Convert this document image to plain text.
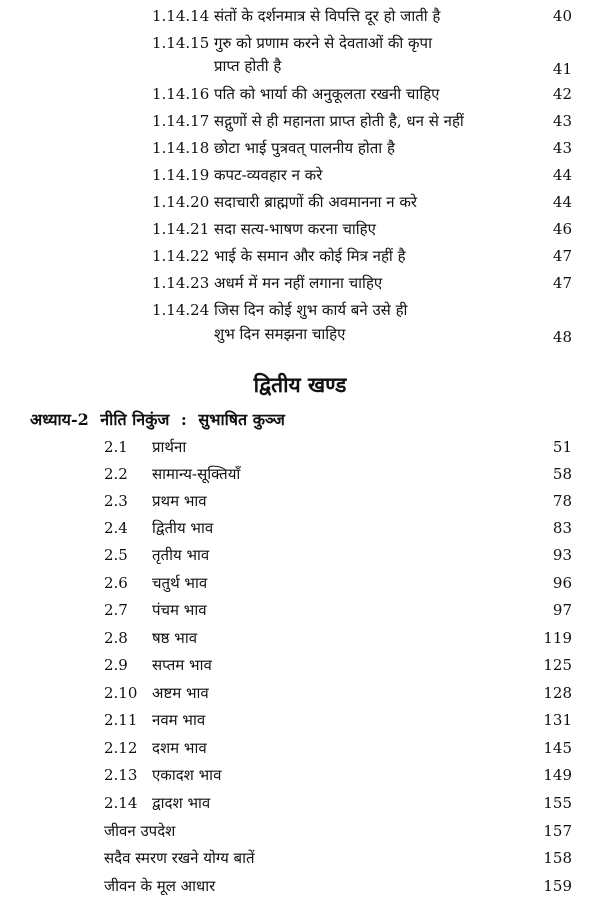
1.14.14 संतों के दर्शनमात्र से विपत्ति दूर हो जाती है	40
1.14.15 गुरु को प्रणाम करने से देवताओं की कृपा
प्राप्त होती है	41
1.14.16 पति को भार्या की अनुकूलता रखनी चाहिए	42
1.14.17 सद्गुणों से ही महानता प्राप्त होती है, धन से नहीं	43
1.14.18 छोटा भाई पुत्रवत् पालनीय होता है	43
1.14.19 कपट-व्यवहार न करे	44
1.14.20 सदाचारी ब्राह्मणों की अवमानना न करे	44
1.14.21 सदा सत्य-भाषण करना चाहिए	46
1.14.22 भाई के समान और कोई मित्र नहीं है	47
1.14.23 अधर्म में मन नहीं लगाना चाहिए	47
1.14.24 जिस दिन कोई शुभ कार्य बने उसे ही
शुभ दिन समझना चाहिए	48
द्वितीय खण्ड
अध्याय-2 नीति निकुंज : सुभाषित कुञ्ज
2.1 प्रार्थना	51
2.2 सामान्य-सूक्तियाँ	58
2.3 प्रथम भाव	78
2.4 द्वितीय भाव	83
2.5 तृतीय भाव	93
2.6 चतुर्थ भाव	96
2.7 पंचम भाव	97
2.8 षष्ठ भाव	119
2.9 सप्तम भाव	125
2.10 अष्टम भाव	128
2.11 नवम भाव	131
2.12 दशम भाव	145
2.13 एकादश भाव	149
2.14 द्वादश भाव	155
जीवन उपदेश	157
सदैव स्मरण रखने योग्य बातें	158
जीवन के मूल आधार	159
